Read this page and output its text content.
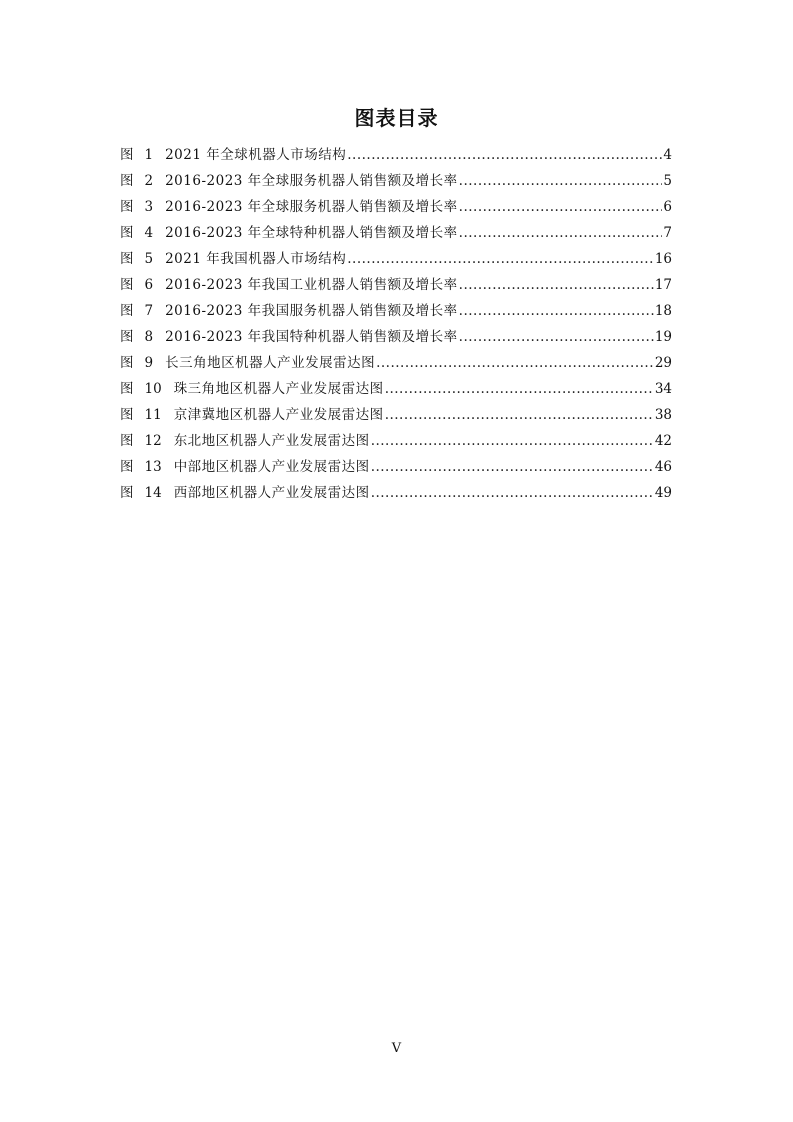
图表目录
图 1 2021 年全球机器人市场结构 .....	4
图 2 2016-2023 年全球服务机器人销售额及增长率 .....	5
图 3 2016-2023 年全球服务机器人销售额及增长率 .....	6
图 4 2016-2023 年全球特种机器人销售额及增长率 .....	7
图 5 2021 年我国机器人市场结构 .....	16
图 6 2016-2023 年我国工业机器人销售额及增长率 .....	17
图 7 2016-2023 年我国服务机器人销售额及增长率 .....	18
图 8 2016-2023 年我国特种机器人销售额及增长率 .....	19
图 9 长三角地区机器人产业发展雷达图 .....	29
图 10 珠三角地区机器人产业发展雷达图 .....	34
图 11 京津冀地区机器人产业发展雷达图 .....	38
图 12 东北地区机器人产业发展雷达图 .....	42
图 13 中部地区机器人产业发展雷达图 .....	46
图 14 西部地区机器人产业发展雷达图 .....	49
V
